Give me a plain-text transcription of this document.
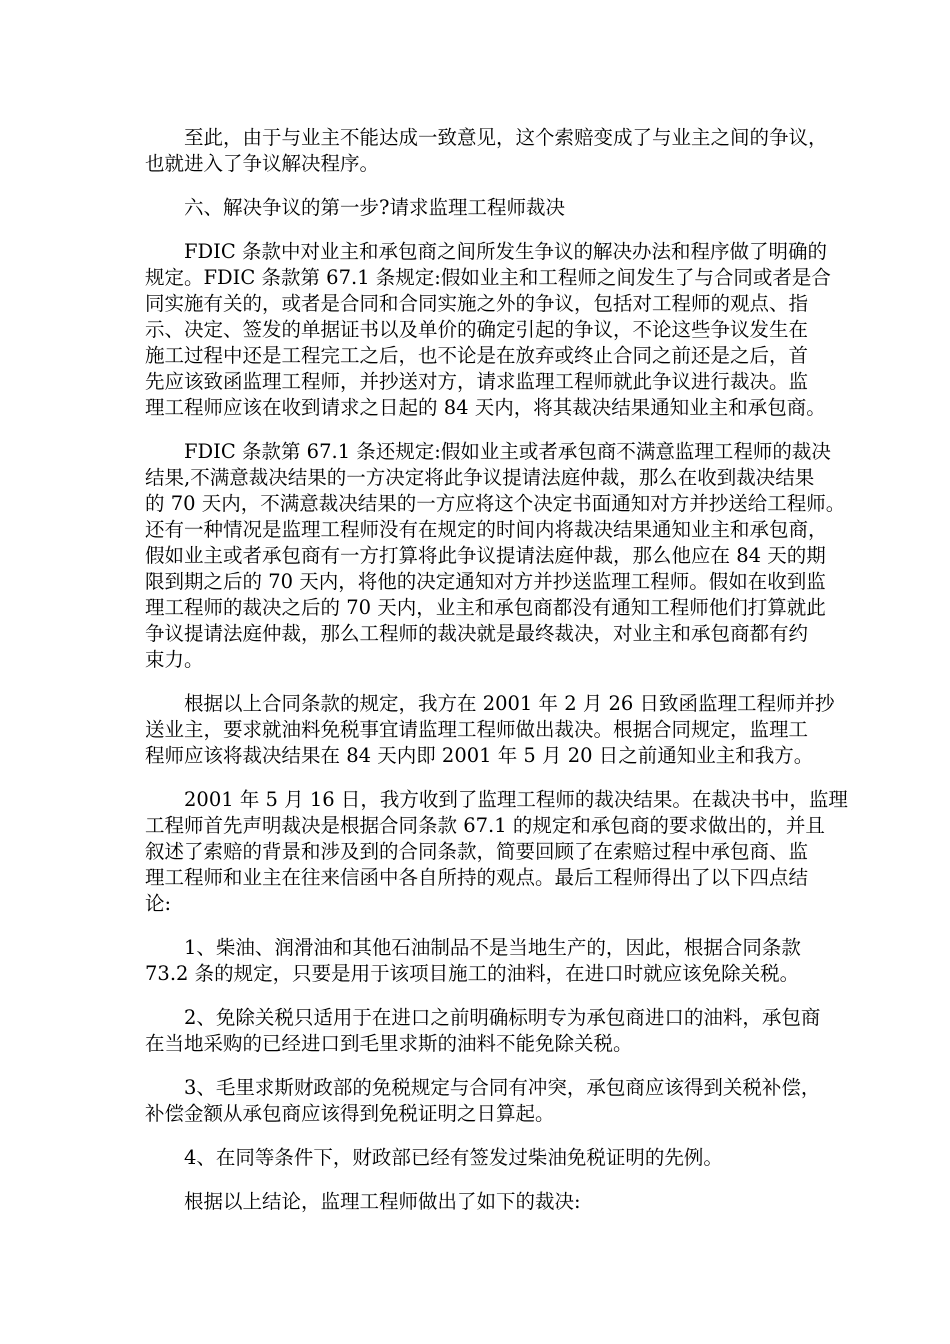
至此，由于与业主不能达成一致意见，这个索赔变成了与业主之间的争议，
也就进入了争议解决程序。

六、解决争议的第一步?请求监理工程师裁决

FDIC 条款中对业主和承包商之间所发生争议的解决办法和程序做了明确的
规定。FDIC 条款第 67.1 条规定:假如业主和工程师之间发生了与合同或者是合
同实施有关的，或者是合同和合同实施之外的争议，包括对工程师的观点、指
示、决定、签发的单据证书以及单价的确定引起的争议，不论这些争议发生在
施工过程中还是工程完工之后，也不论是在放弃或终止合同之前还是之后，首
先应该致函监理工程师，并抄送对方，请求监理工程师就此争议进行裁决。监
理工程师应该在收到请求之日起的 84 天内，将其裁决结果通知业主和承包商。

FDIC 条款第 67.1 条还规定:假如业主或者承包商不满意监理工程师的裁决
结果,不满意裁决结果的一方决定将此争议提请法庭仲裁，那么在收到裁决结果
的 70 天内，不满意裁决结果的一方应将这个决定书面通知对方并抄送给工程师。
还有一种情况是监理工程师没有在规定的时间内将裁决结果通知业主和承包商，
假如业主或者承包商有一方打算将此争议提请法庭仲裁，那么他应在 84 天的期
限到期之后的 70 天内，将他的决定通知对方并抄送监理工程师。假如在收到监
理工程师的裁决之后的 70 天内，业主和承包商都没有通知工程师他们打算就此
争议提请法庭仲裁，那么工程师的裁决就是最终裁决，对业主和承包商都有约
束力。

根据以上合同条款的规定，我方在 2001 年 2 月 26 日致函监理工程师并抄
送业主，要求就油料免税事宜请监理工程师做出裁决。根据合同规定，监理工
程师应该将裁决结果在 84 天内即 2001 年 5 月 20 日之前通知业主和我方。

2001 年 5 月 16 日，我方收到了监理工程师的裁决结果。在裁决书中，监理
工程师首先声明裁决是根据合同条款 67.1 的规定和承包商的要求做出的，并且
叙述了索赔的背景和涉及到的合同条款，简要回顾了在索赔过程中承包商、监
理工程师和业主在往来信函中各自所持的观点。最后工程师得出了以下四点结
论:

1、柴油、润滑油和其他石油制品不是当地生产的，因此，根据合同条款
73.2 条的规定，只要是用于该项目施工的油料，在进口时就应该免除关税。

2、免除关税只适用于在进口之前明确标明专为承包商进口的油料，承包商
在当地采购的已经进口到毛里求斯的油料不能免除关税。

3、毛里求斯财政部的免税规定与合同有冲突，承包商应该得到关税补偿，
补偿金额从承包商应该得到免税证明之日算起。

4、在同等条件下，财政部已经有签发过柴油免税证明的先例。

根据以上结论，监理工程师做出了如下的裁决:
